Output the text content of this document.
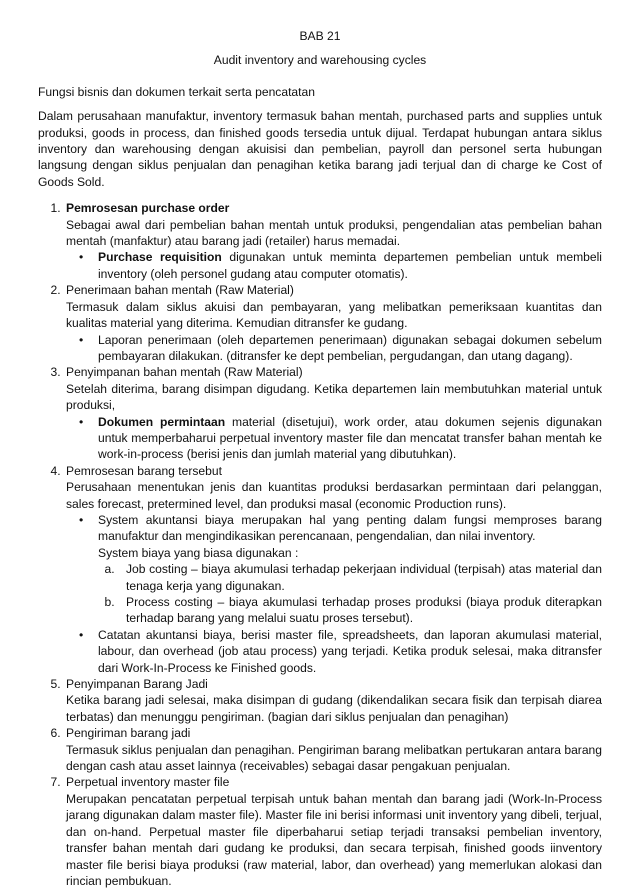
BAB 21
Audit inventory and warehousing cycles
Fungsi bisnis dan dokumen terkait serta pencatatan
Dalam perusahaan manufaktur, inventory termasuk bahan mentah, purchased parts and supplies untuk produksi, goods in process, dan finished goods tersedia untuk dijual. Terdapat hubungan antara siklus inventory dan warehousing dengan akuisisi dan pembelian, payroll dan personel serta hubungan langsung dengan siklus penjualan dan penagihan ketika barang jadi terjual dan di charge ke Cost of Goods Sold.
1. Pemrosesan purchase order
Sebagai awal dari pembelian bahan mentah untuk produksi, pengendalian atas pembelian bahan mentah (manfaktur) atau barang jadi (retailer) harus memadai.
• Purchase requisition digunakan untuk meminta departemen pembelian untuk membeli inventory (oleh personel gudang atau computer otomatis).
2. Penerimaan bahan mentah (Raw Material)
Termasuk dalam siklus akuisi dan pembayaran, yang melibatkan pemeriksaan kuantitas dan kualitas material yang diterima. Kemudian ditransfer ke gudang.
• Laporan penerimaan (oleh departemen penerimaan) digunakan sebagai dokumen sebelum pembayaran dilakukan. (ditransfer ke dept pembelian, pergudangan, dan utang dagang).
3. Penyimpanan bahan mentah (Raw Material)
Setelah diterima, barang disimpan digudang. Ketika departemen lain membutuhkan material untuk produksi,
• Dokumen permintaan material (disetujui), work order, atau dokumen sejenis digunakan untuk memperbaharui perpetual inventory master file dan mencatat transfer bahan mentah ke work-in-process (berisi jenis dan jumlah material yang dibutuhkan).
4. Pemrosesan barang tersebut
Perusahaan menentukan jenis dan kuantitas produksi berdasarkan permintaan dari pelanggan, sales forecast, pretermined level, dan produksi masal (economic Production runs).
• System akuntansi biaya merupakan hal yang penting dalam fungsi memproses barang manufaktur dan mengindikasikan perencanaan, pengendalian, dan nilai inventory.
System biaya yang biasa digunakan :
a. Job costing – biaya akumulasi terhadap pekerjaan individual (terpisah) atas material dan tenaga kerja yang digunakan.
b. Process costing – biaya akumulasi terhadap proses produksi (biaya produk diterapkan terhadap barang yang melalui suatu proses tersebut).
• Catatan akuntansi biaya, berisi master file, spreadsheets, dan laporan akumulasi material, labour, dan overhead (job atau process) yang terjadi. Ketika produk selesai, maka ditransfer dari Work-In-Process ke Finished goods.
5. Penyimpanan Barang Jadi
Ketika barang jadi selesai, maka disimpan di gudang (dikendalikan secara fisik dan terpisah diarea terbatas) dan menunggu pengiriman. (bagian dari siklus penjualan dan penagihan)
6. Pengiriman barang jadi
Termasuk siklus penjualan dan penagihan. Pengiriman barang melibatkan pertukaran antara barang dengan cash atau asset lainnya (receivables) sebagai dasar pengakuan penjualan.
7. Perpetual inventory master file
Merupakan pencatatan perpetual terpisah untuk bahan mentah dan barang jadi (Work-In-Process jarang digunakan dalam master file). Master file ini berisi informasi unit inventory yang dibeli, terjual, dan on-hand. Perpetual master file diperbaharui setiap terjadi transaksi pembelian inventory, transfer bahan mentah dari gudang ke produksi, dan secara terpisah, finished goods iinventory master file berisi biaya produksi (raw material, labor, dan overhead) yang memerlukan alokasi dan rincian pembukuan.
